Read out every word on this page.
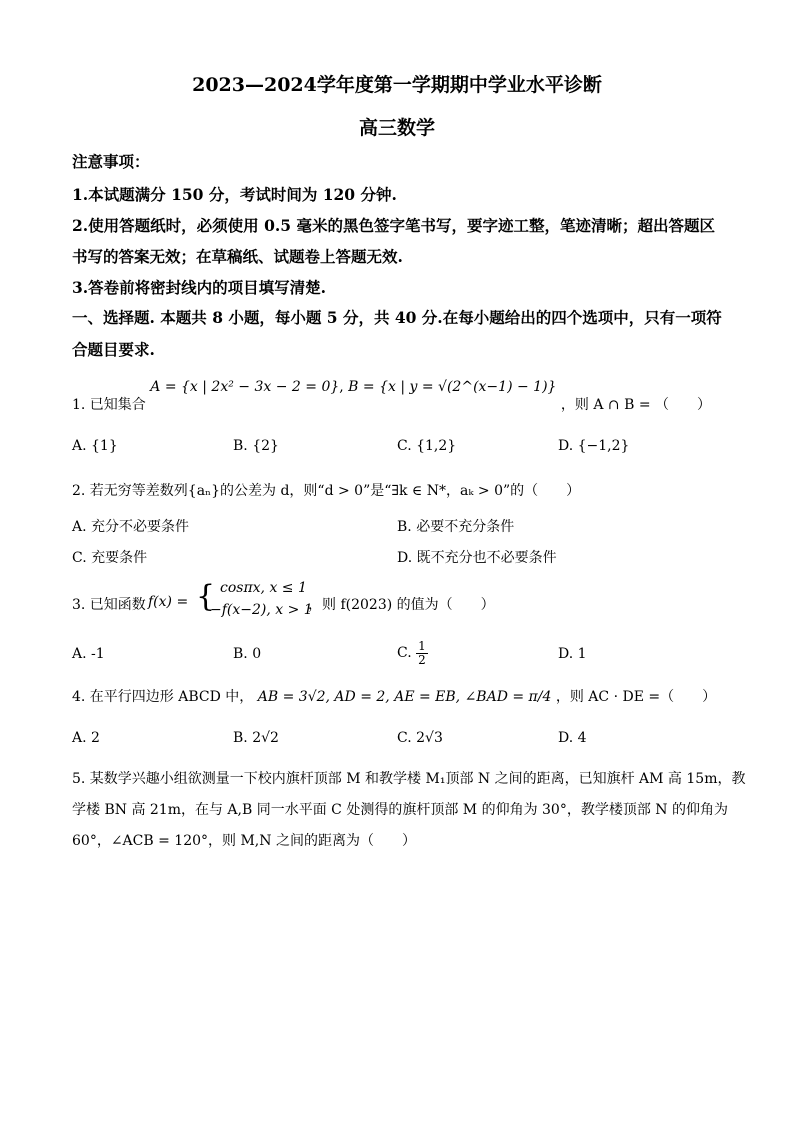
2023—2024学年度第一学期期中学业水平诊断
高三数学
注意事项：
1.本试题满分 150 分，考试时间为 120 分钟.
2.使用答题纸时，必须使用 0.5 毫米的黑色签字笔书写，要字迹工整，笔迹清晰；超出答题区
书写的答案无效；在草稿纸、试题卷上答题无效.
3.答卷前将密封线内的项目填写清楚.
一、选择题. 本题共 8 小题，每小题 5 分，共 40 分.在每小题给出的四个选项中，只有一项符
合题目要求.
1. 已知集合 A = {x | 2x² − 3x − 2 = 0}, B = {x | y = √(2^(x−1) − 1)} ，则 A ∩ B = （　　）
A. {1}	B. {2}	C. {1,2}	D. {−1,2}
2. 若无穷等差数列{aₙ}的公差为 d，则“d > 0”是“∃k ∈ N*，aₖ > 0”的（　　）
A. 充分不必要条件	B. 必要不充分条件
C. 充要条件	D. 既不充分也不必要条件
3. 已知函数 f(x) = { cosπx, x ≤ 1
−f(x−2), x > 1
，则 f(2023) 的值为（　　）
A. -1	B. 0	C. $\frac{1}{2}$	D. 1
4. 在平行四边形 ABCD 中， AB = 3√2, AD = 2, AE = EB, ∠BAD = π/4 ，则 AC · DE =（　　）
A. 2	B. 2√2	C. 2√3	D. 4
5. 某数学兴趣小组欲测量一下校内旗杆顶部 M 和教学楼 M₁顶部 N 之间的距离，已知旗杆 AM 高 15m，教
学楼 BN 高 21m，在与 A,B 同一水平面 C 处测得的旗杆顶部 M 的仰角为 30°，教学楼顶部 N 的仰角为
60°，∠ACB = 120°，则 M,N 之间的距离为（　　）
